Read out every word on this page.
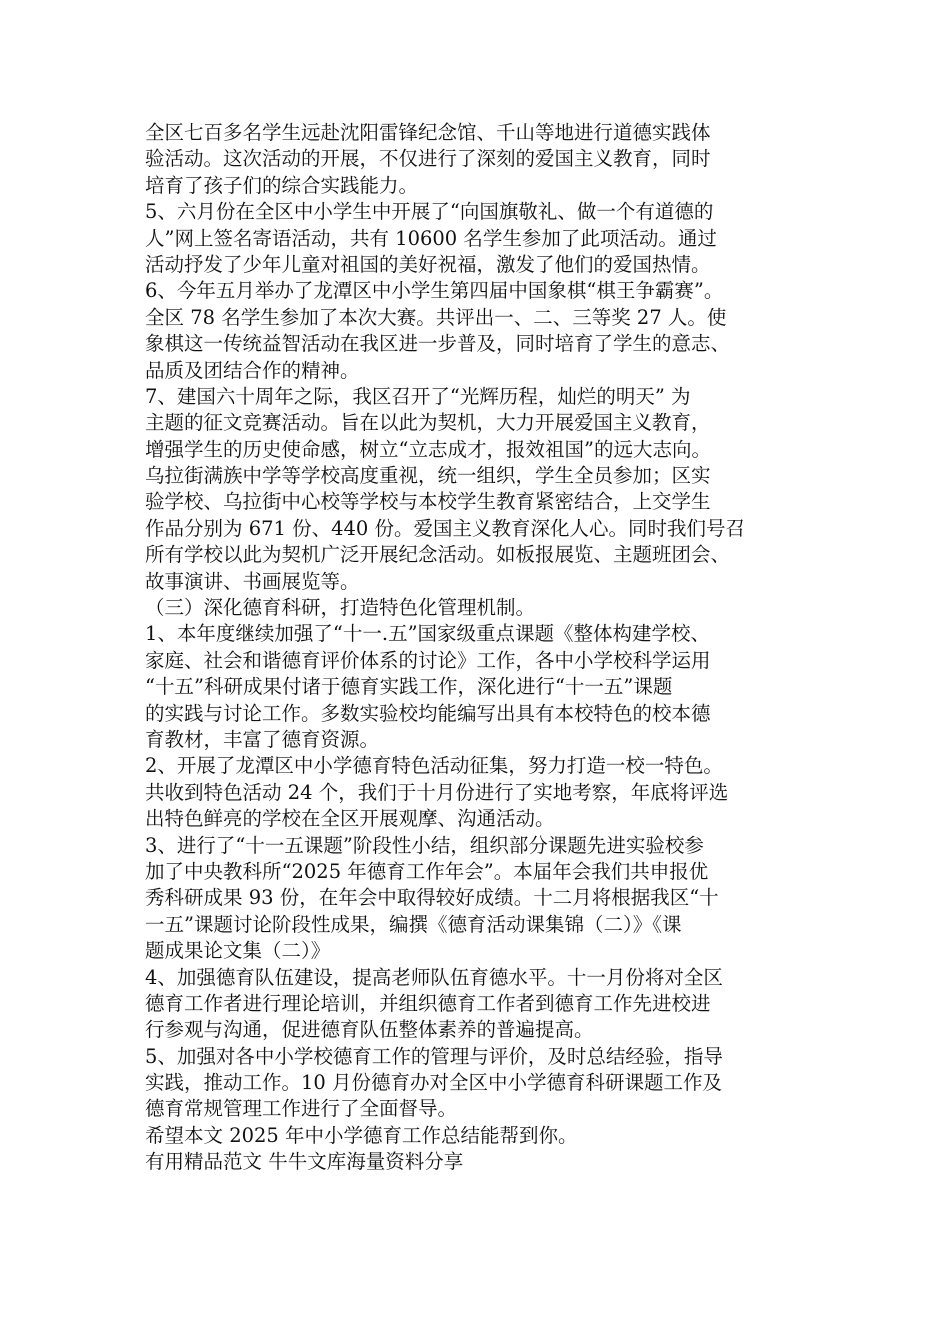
全区七百多名学生远赴沈阳雷锋纪念馆、千山等地进行道德实践体
验活动。这次活动的开展，不仅进行了深刻的爱国主义教育，同时
培育了孩子们的综合实践能力。
5、六月份在全区中小学生中开展了“向国旗敬礼、做一个有道德的
人”网上签名寄语活动，共有 10600 名学生参加了此项活动。通过
活动抒发了少年儿童对祖国的美好祝福，激发了他们的爱国热情。
6、今年五月举办了龙潭区中小学生第四届中国象棋“棋王争霸赛”。
全区 78 名学生参加了本次大赛。共评出一、二、三等奖 27 人。使
象棋这一传统益智活动在我区进一步普及，同时培育了学生的意志、
品质及团结合作的精神。
7、建国六十周年之际，我区召开了“光辉历程，灿烂的明天” 为
主题的征文竞赛活动。旨在以此为契机，大力开展爱国主义教育，
增强学生的历史使命感，树立“立志成才，报效祖国”的远大志向。
乌拉街满族中学等学校高度重视，统一组织，学生全员参加；区实
验学校、乌拉街中心校等学校与本校学生教育紧密结合，上交学生
作品分别为 671 份、440 份。爱国主义教育深化人心。同时我们号召
所有学校以此为契机广泛开展纪念活动。如板报展览、主题班团会、
故事演讲、书画展览等。
（三）深化德育科研，打造特色化管理机制。
1、本年度继续加强了“十一.五”国家级重点课题《整体构建学校、
家庭、社会和谐德育评价体系的讨论》工作，各中小学校科学运用
“十五”科研成果付诸于德育实践工作，深化进行“十一五”课题
的实践与讨论工作。多数实验校均能编写出具有本校特色的校本德
育教材，丰富了德育资源。
2、开展了龙潭区中小学德育特色活动征集，努力打造一校一特色。
共收到特色活动 24 个，我们于十月份进行了实地考察，年底将评选
出特色鲜亮的学校在全区开展观摩、沟通活动。
3、进行了“十一五课题”阶段性小结，组织部分课题先进实验校参
加了中央教科所“2025 年德育工作年会”。本届年会我们共申报优
秀科研成果 93 份，在年会中取得较好成绩。十二月将根据我区“十
一五”课题讨论阶段性成果，编撰《德育活动课集锦（二）》《课
题成果论文集（二）》
4、加强德育队伍建设，提高老师队伍育德水平。十一月份将对全区
德育工作者进行理论培训，并组织德育工作者到德育工作先进校进
行参观与沟通，促进德育队伍整体素养的普遍提高。
5、加强对各中小学校德育工作的管理与评价，及时总结经验，指导
实践，推动工作。10 月份德育办对全区中小学德育科研课题工作及
德育常规管理工作进行了全面督导。
希望本文 2025 年中小学德育工作总结能帮到你。
有用精品范文 牛牛文库海量资料分享
